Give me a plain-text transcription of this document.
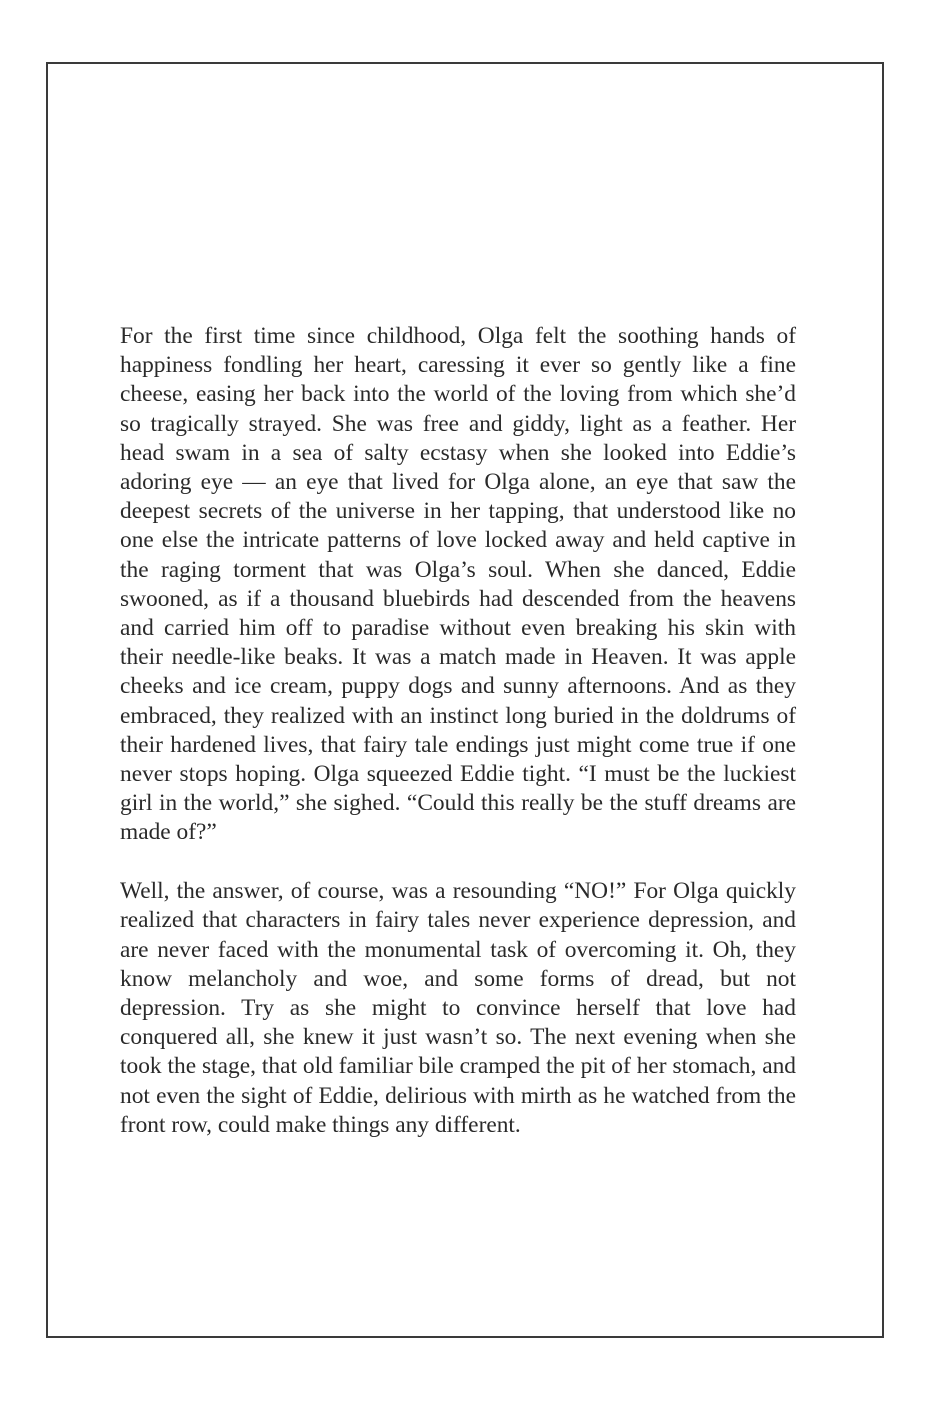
For the first time since childhood, Olga felt the soothing hands of happiness fondling her heart, caressing it ever so gently like a fine cheese, easing her back into the world of the loving from which she’d so tragically strayed. She was free and giddy, light as a feather. Her head swam in a sea of salty ecstasy when she looked into Eddie’s adoring eye — an eye that lived for Olga alone, an eye that saw the deepest secrets of the universe in her tapping, that understood like no one else the intricate patterns of love locked away and held captive in the raging torment that was Olga’s soul. When she danced, Eddie swooned, as if a thousand bluebirds had descended from the heavens and carried him off to paradise without even breaking his skin with their needle-like beaks. It was a match made in Heaven. It was apple cheeks and ice cream, puppy dogs and sunny afternoons. And as they embraced, they realized with an instinct long buried in the doldrums of their hardened lives, that fairy tale endings just might come true if one never stops hoping. Olga squeezed Eddie tight. “I must be the luckiest girl in the world,” she sighed. “Could this really be the stuff dreams are made of?”

Well, the answer, of course, was a resounding “NO!” For Olga quickly realized that characters in fairy tales never experience depression, and are never faced with the monumental task of overcoming it. Oh, they know melancholy and woe, and some forms of dread, but not depression. Try as she might to convince herself that love had conquered all, she knew it just wasn’t so. The next evening when she took the stage, that old familiar bile cramped the pit of her stomach, and not even the sight of Eddie, delirious with mirth as he watched from the front row, could make things any different.
